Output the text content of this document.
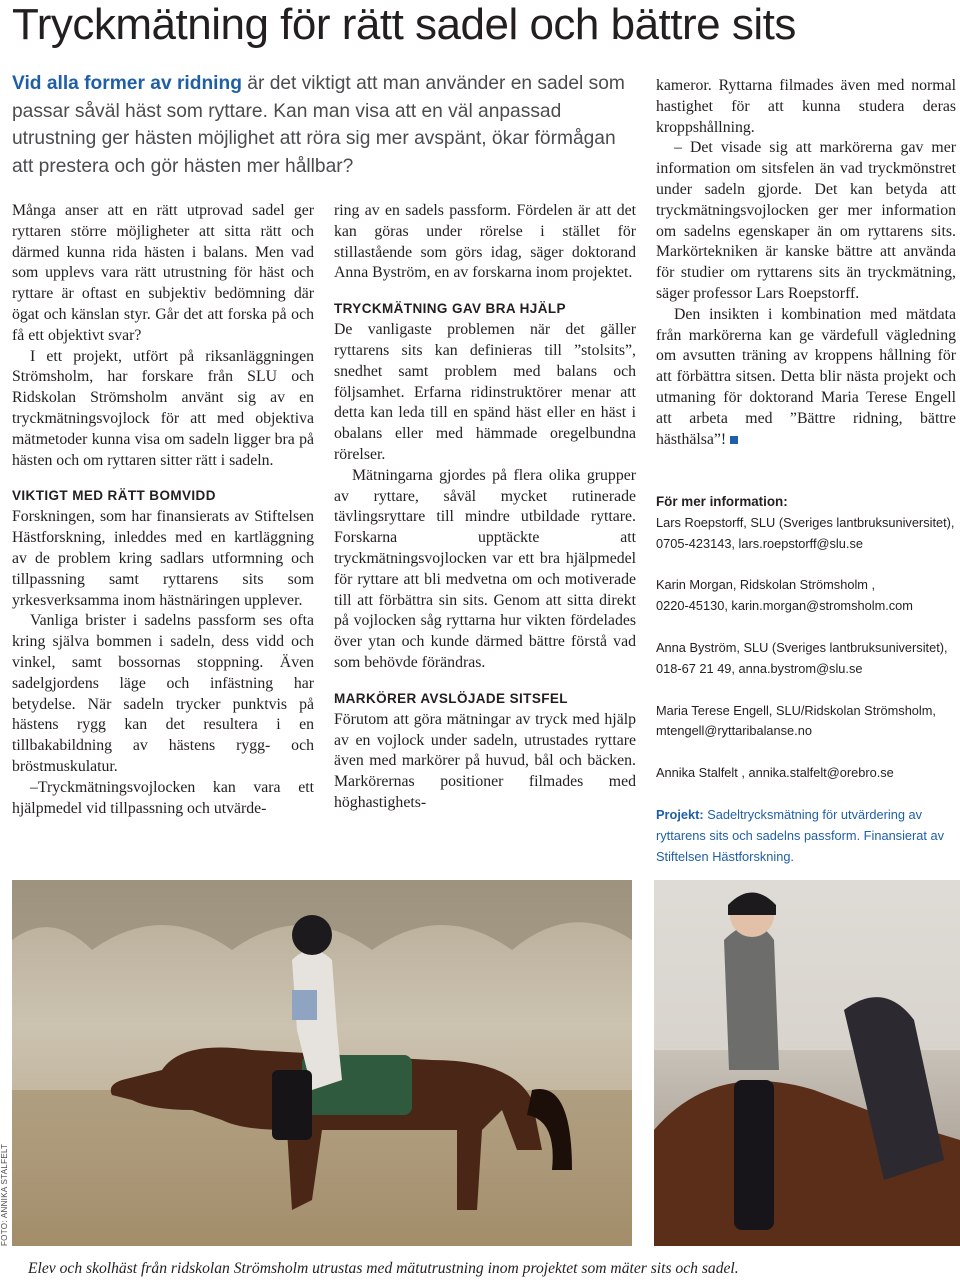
Tryckmätning för rätt sadel och bättre sits

Vid alla former av ridning är det viktigt att man använder en sadel som passar såväl häst som ryttare. Kan man visa att en väl anpassad utrustning ger hästen möjlighet att röra sig mer avspänt, ökar förmågan att prestera och gör hästen mer hållbar?

Många anser att en rätt utprovad sadel ger ryttaren större möjligheter att sitta rätt och därmed kunna rida hästen i balans. Men vad som upplevs vara rätt utrustning för häst och ryttare är oftast en subjektiv bedömning där ögat och känslan styr. Går det att forska på och få ett objektivt svar?

I ett projekt, utfört på riksanläggningen Strömsholm, har forskare från SLU och Ridskolan Strömsholm använt sig av en tryckmätningsvojlock för att med objektiva mätmetoder kunna visa om sadeln ligger bra på hästen och om ryttaren sitter rätt i sadeln.

VIKTIGT MED RÄTT BOMVIDD

Forskningen, som har finansierats av Stiftelsen Hästforskning, inleddes med en kartläggning av de problem kring sadlars utformning och tillpassning samt ryttarens sits som yrkesverksamma inom hästnäringen upplever.

Vanliga brister i sadelns passform ses ofta kring själva bommen i sadeln, dess vidd och vinkel, samt bossornas stoppning. Även sadelgjordens läge och infästning har betydelse. När sadeln trycker punktvis på hästens rygg kan det resultera i en tillbakabildning av hästens rygg- och bröstmuskulatur.

–Tryckmätningsvojlocken kan vara ett hjälpmedel vid tillpassning och utvärde-

ring av en sadels passform. Fördelen är att det kan göras under rörelse i stället för stillastående som görs idag, säger doktorand Anna Byström, en av forskarna inom projektet.

TRYCKMÄTNING GAV BRA HJÄLP

De vanligaste problemen när det gäller ryttarens sits kan definieras till ”stolsits”, snedhet samt problem med balans och följsamhet. Erfarna ridinstruktörer menar att detta kan leda till en spänd häst eller en häst i obalans eller med hämmade oregelbundna rörelser.

Mätningarna gjordes på flera olika grupper av ryttare, såväl mycket rutinerade tävlingsryttare till mindre utbildade ryttare. Forskarna upptäckte att tryckmätningsvojlocken var ett bra hjälpmedel för ryttare att bli medvetna om och motiverade till att förbättra sin sits. Genom att sitta direkt på vojlocken såg ryttarna hur vikten fördelades över ytan och kunde därmed bättre förstå vad som behövde förändras.

MARKÖRER AVSLÖJADE SITSFEL

Förutom att göra mätningar av tryck med hjälp av en vojlock under sadeln, utrustades ryttare även med markörer på huvud, bål och bäcken. Markörernas positioner filmades med höghastighets-

kameror. Ryttarna filmades även med normal hastighet för att kunna studera deras kroppshållning.

– Det visade sig att markörerna gav mer information om sitsfelen än vad tryckmönstret under sadeln gjorde. Det kan betyda att tryckmätningsvojlocken ger mer information om sadelns egenskaper än om ryttarens sits. Markörtekniken är kanske bättre att använda för studier om ryttarens sits än tryckmätning, säger professor Lars Roepstorff.

Den insikten i kombination med mätdata från markörerna kan ge värdefull vägledning om avsutten träning av kroppens hållning för att förbättra sitsen. Detta blir nästa projekt och utmaning för doktorand Maria Terese Engell att arbeta med ”Bättre ridning, bättre hästhälsa”!

För mer information:
Lars Roepstorff, SLU (Sveriges lantbruksuniversitet),
0705-423143, lars.roepstorff@slu.se
Karin Morgan, Ridskolan Strömsholm ,
0220-45130, karin.morgan@stromsholm.com
Anna Byström, SLU (Sveriges lantbruksuniversitet),
018-67 21 49, anna.bystrom@slu.se
Maria Terese Engell, SLU/Ridskolan Strömsholm,
mtengell@ryttaribalanse.no
Annika Stalfelt , annika.stalfelt@orebro.se

Projekt: Sadeltrycksmätning för utvärdering av ryttarens sits och sadelns passform. Finansierat av Stiftelsen Hästforskning.

FOTO: ANNIKA STALFELT
Elev och skolhäst från ridskolan Strömsholm utrustas med mätutrustning inom projektet som mäter sits och sadel.
